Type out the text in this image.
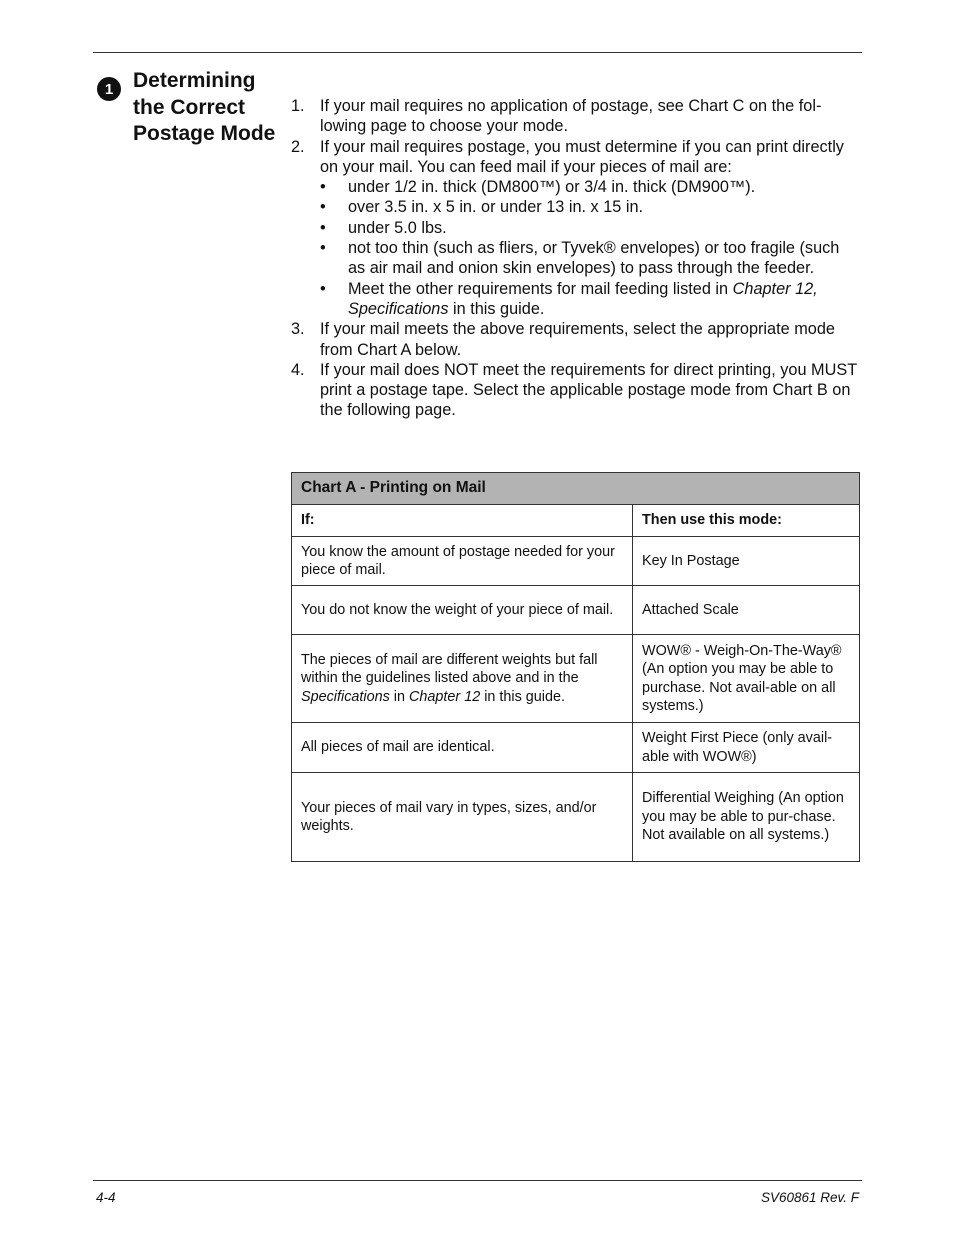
1 Determining the Correct Postage Mode
1. If your mail requires no application of postage, see Chart C on the fol-lowing page to choose your mode.
2. If your mail requires postage, you must determine if you can print directly on your mail. You can feed mail if your pieces of mail are:
• under 1/2 in. thick (DM800™) or 3/4 in. thick (DM900™).
• over 3.5 in. x 5 in. or under 13 in. x 15 in.
• under 5.0 lbs.
• not too thin (such as fliers, or Tyvek® envelopes) or too fragile (such as air mail and onion skin envelopes) to pass through the feeder.
• Meet the other requirements for mail feeding listed in Chapter 12, Specifications in this guide.
3. If your mail meets the above requirements, select the appropriate mode from Chart A below.
4. If your mail does NOT meet the requirements for direct printing, you MUST print a postage tape. Select the applicable postage mode from Chart B on the following page.
Chart A - Printing on Mail	
If:	Then use this mode:
You know the amount of postage needed for your piece of mail.	Key In Postage
You do not know the weight of your piece of mail.	Attached Scale
The pieces of mail are different weights but fall within the guidelines listed above and in the Specifications in Chapter 12 in this guide.	WOW® - Weigh-On-The-Way® (An option you may be able to purchase. Not avail-able on all systems.)
All pieces of mail are identical.	Weight First Piece (only avail-able with WOW®)
Your pieces of mail vary in types, sizes, and/or weights.	Differential Weighing (An option you may be able to pur-chase. Not available on all systems.)
4-4	SV60861 Rev. F
